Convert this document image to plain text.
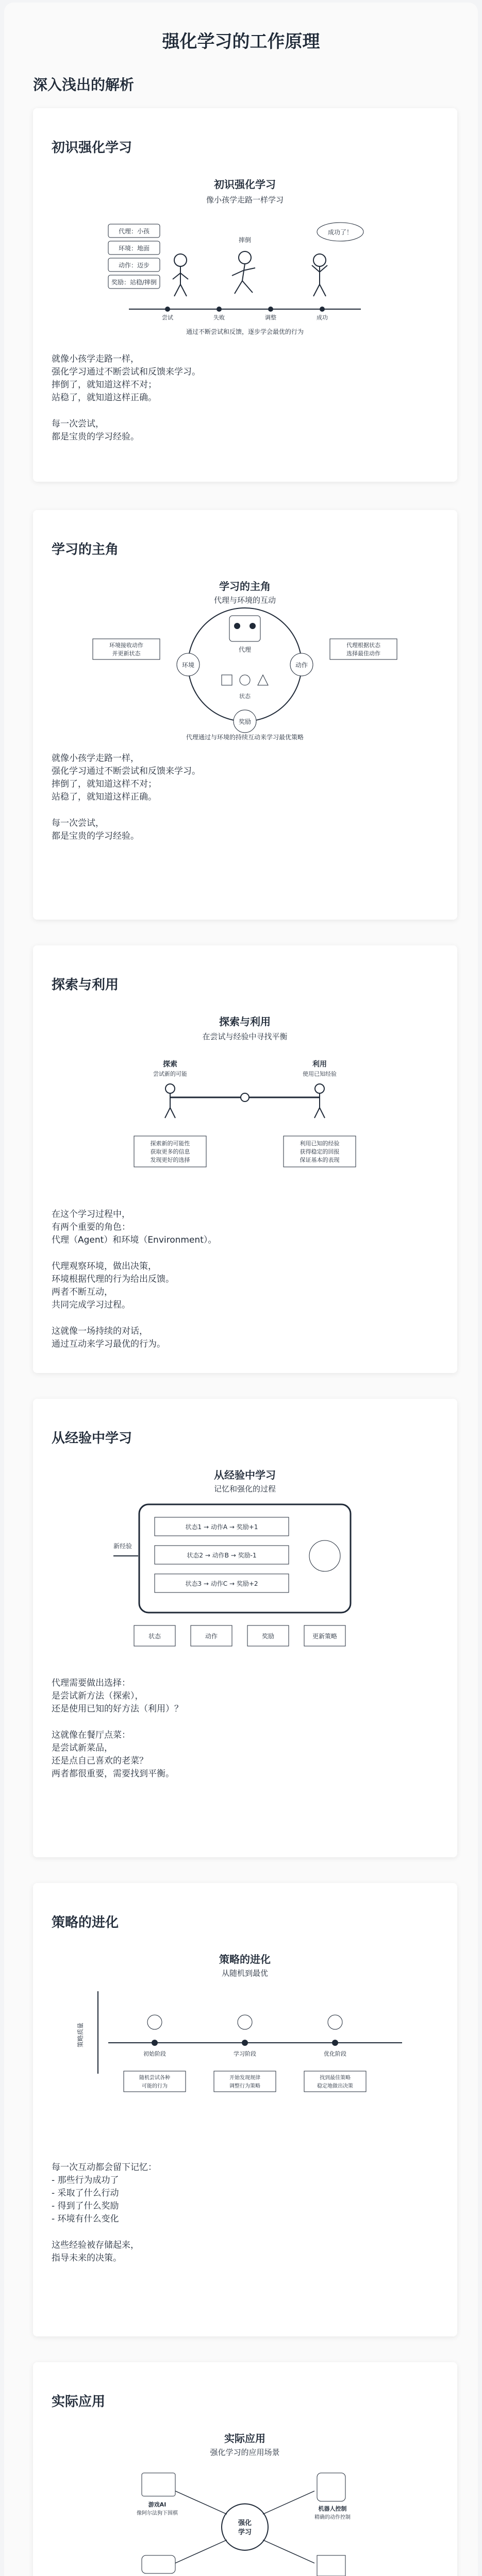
强化学习的工作原理
深入浅出的解析
初识强化学习
初识强化学习
像小孩学走路一样学习
代理：小孩
环境：地面
动作：迈步
奖励：站稳/摔倒
摔倒
成功了！
尝试	失败	调整	成功
通过不断尝试和反馈，逐步学会最优的行为
就像小孩学走路一样，
强化学习通过不断尝试和反馈来学习。
摔倒了，就知道这样不对；
站稳了，就知道这样正确。
每一次尝试，
都是宝贵的学习经验。
学习的主角
学习的主角
代理与环境的互动
代理
环境	动作
奖励
状态
环境接收动作
并更新状态
代理根据状态
选择最佳动作
代理通过与环境的持续互动来学习最优策略
就像小孩学走路一样，
强化学习通过不断尝试和反馈来学习。
摔倒了，就知道这样不对；
站稳了，就知道这样正确。
每一次尝试，
都是宝贵的学习经验。
探索与利用
探索与利用
在尝试与经验中寻找平衡
探索
尝试新的可能
利用
使用已知经验
探索新的可能性
获取更多的信息
发现更好的选择
利用已知的经验
获得稳定的回报
保证基本的表现
在这个学习过程中，
有两个重要的角色：
代理（Agent）和环境（Environment）。
代理观察环境，做出决策，
环境根据代理的行为给出反馈。
两者不断互动，
共同完成学习过程。
这就像一场持续的对话，
通过互动来学习最优的行为。
从经验中学习
从经验中学习
记忆和强化的过程
状态1 → 动作A → 奖励+1
状态2 → 动作B → 奖励-1
状态3 → 动作C → 奖励+2
新经验
状态	动作	奖励	更新策略
代理需要做出选择：
是尝试新方法（探索），
还是使用已知的好方法（利用）？
这就像在餐厅点菜：
是尝试新菜品，
还是点自己喜欢的老菜？
两者都很重要，需要找到平衡。
策略的进化
策略的进化
从随机到最优
策略质量
初始阶段	学习阶段	优化阶段
随机尝试各种
可能的行为
开始发现规律
调整行为策略
找到最佳策略
稳定地做出决策
每一次互动都会留下记忆：
- 那些行为成功了
- 采取了什么行动
- 得到了什么奖励
- 环境有什么变化
这些经验被存储起来，
指导未来的决策。
实际应用
实际应用
强化学习的应用场景
强化
学习
游戏AI
像阿尔法狗下围棋
机器人控制
精确的动作控制
